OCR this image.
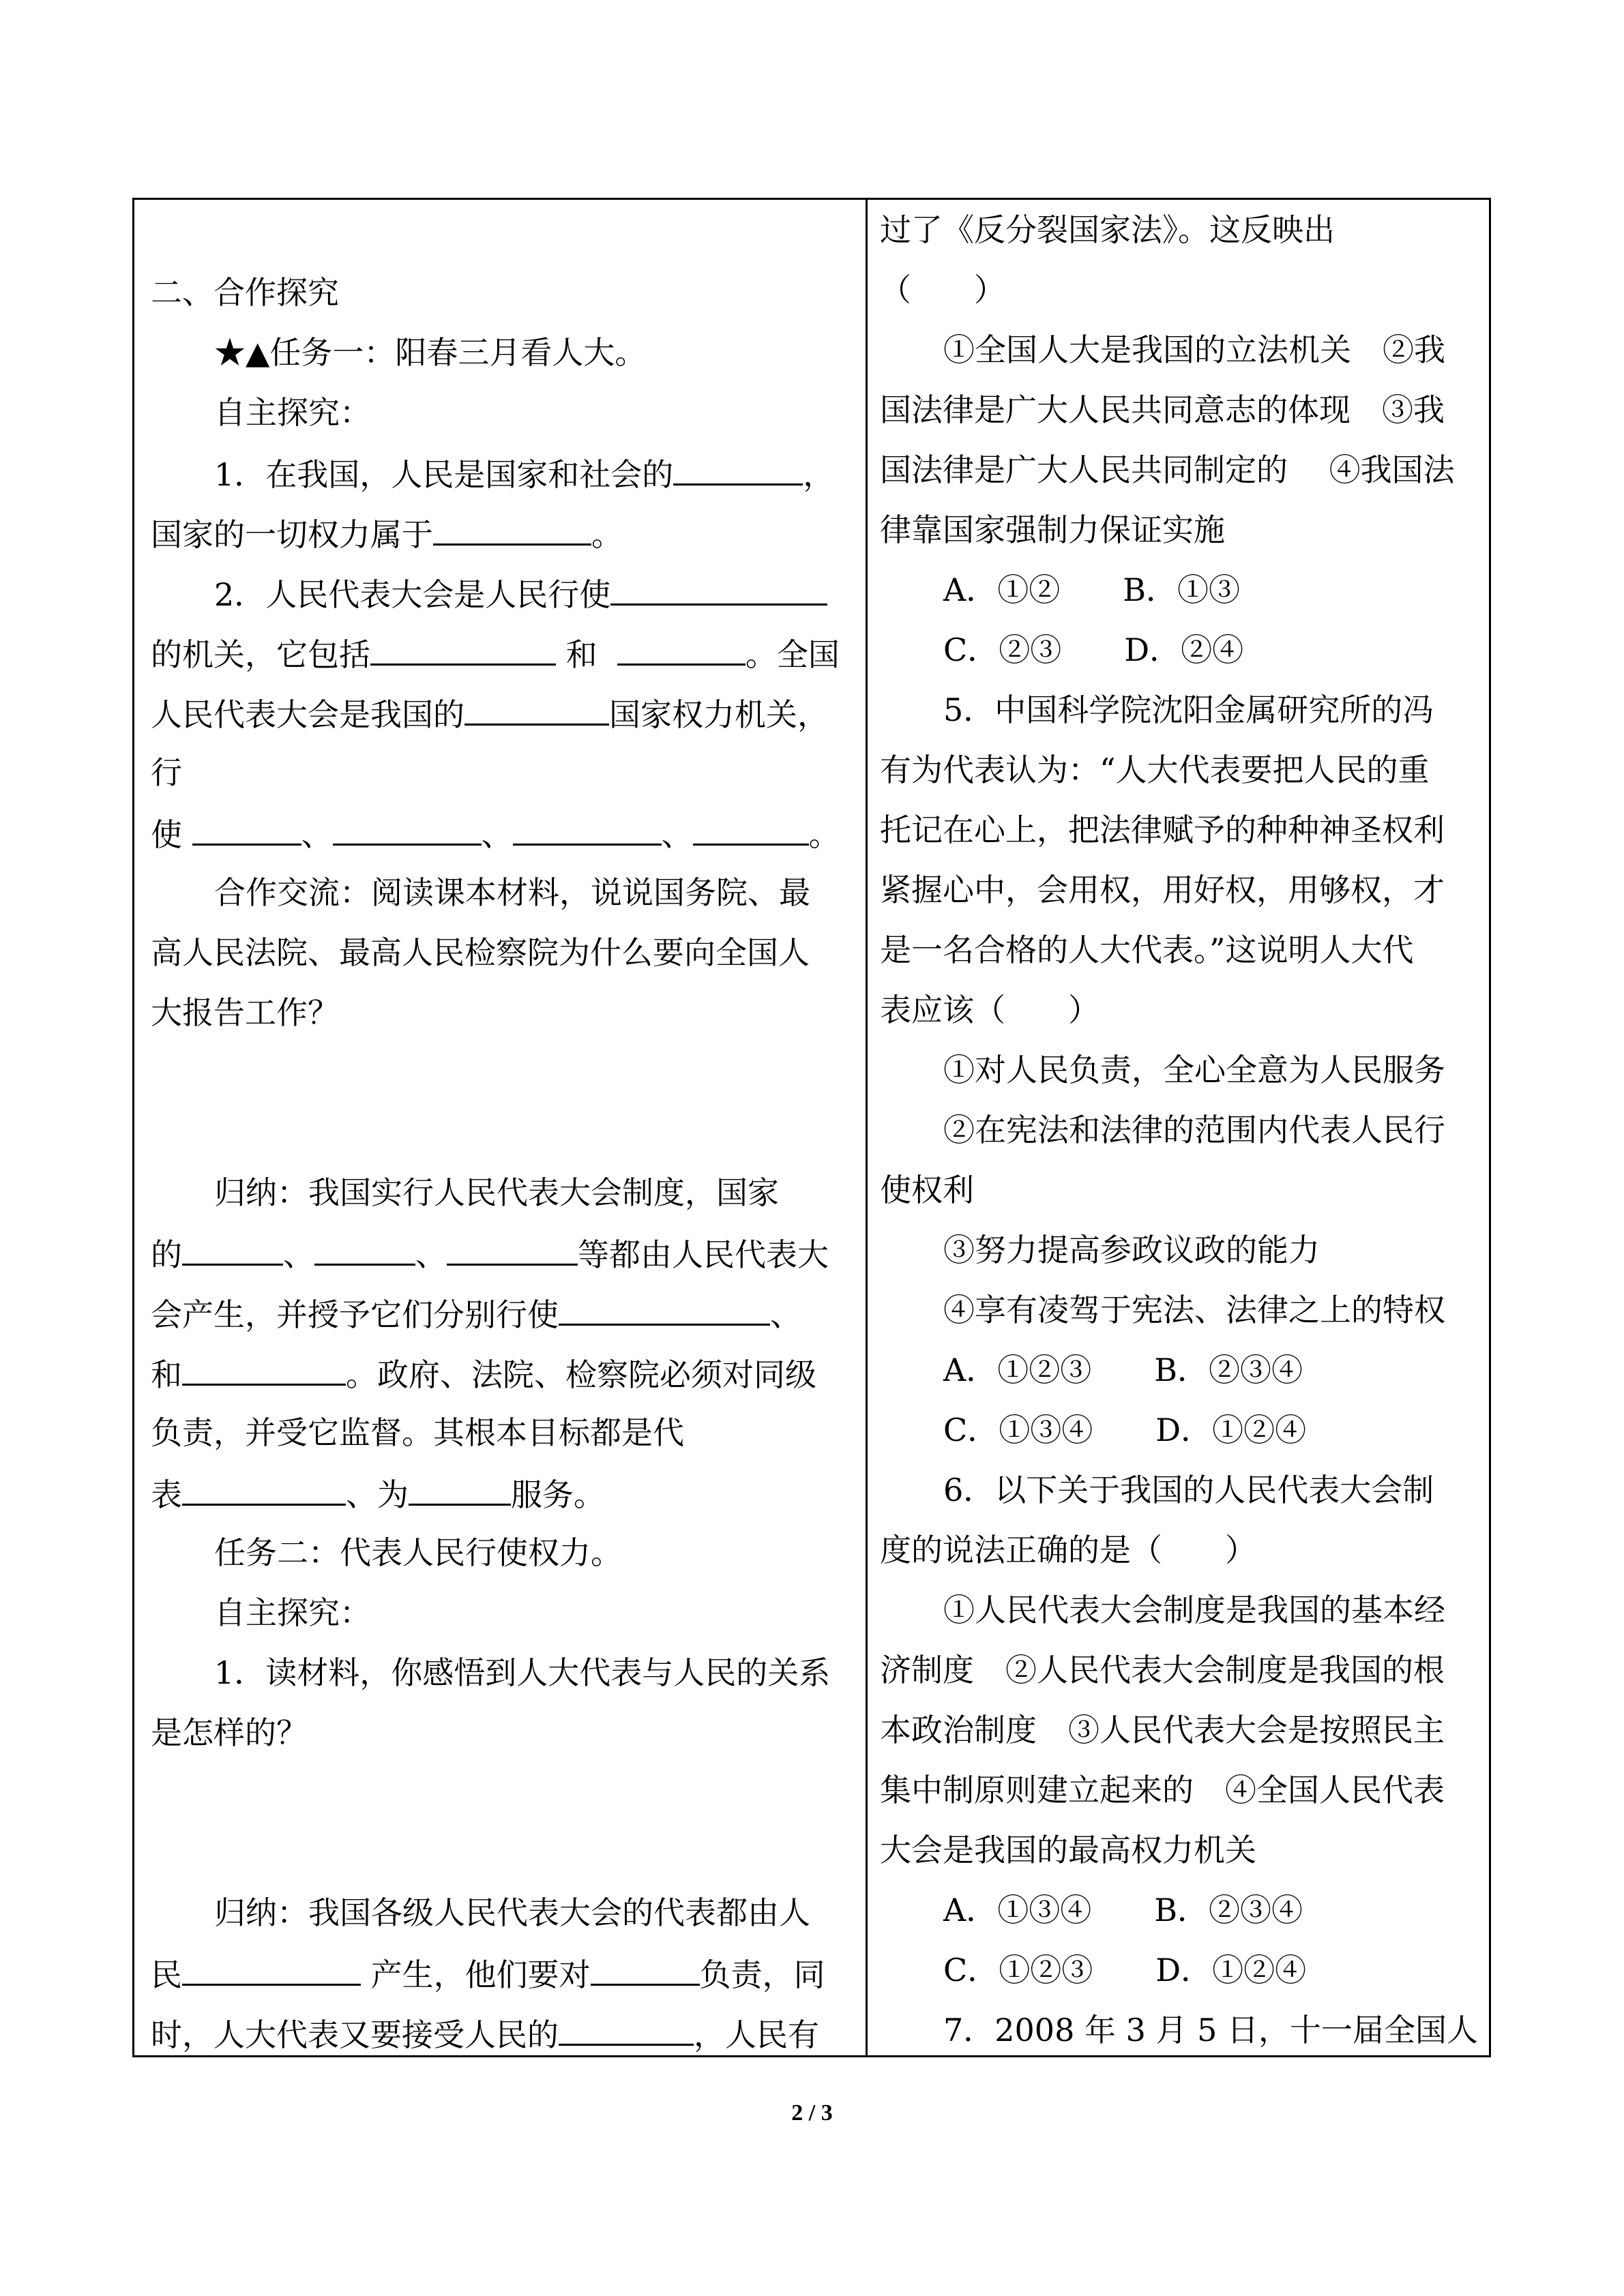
二、合作探究
★▲任务一：阳春三月看人大。
自主探究：
1．在我国，人民是国家和社会的	，
国家的一切权力属于	。
2．人民代表大会是人民行使
的机关，它包括	和	。全国
人民代表大会是我国的	国家权力机关，
行
使	、	、	、	。
合作交流：阅读课本材料，说说国务院、最
高人民法院、最高人民检察院为什么要向全国人
大报告工作？
归纳：我国实行人民代表大会制度，国家
的	、	、	等都由人民代表大
会产生，并授予它们分别行使	、
和	。政府、法院、检察院必须对同级
负责，并受它监督。其根本目标都是代
表	、为	服务。
任务二：代表人民行使权力。
自主探究：
1．读材料，你感悟到人大代表与人民的关系
是怎样的？
归纳：我国各级人民代表大会的代表都由人
民	产生，他们要对	负责，同
时，人大代表又要接受人民的	，人民有
过了《反分裂国家法》。这反映出
（　　）
①全国人大是我国的立法机关　②我
国法律是广大人民共同意志的体现　③我
国法律是广大人民共同制定的　 ④我国法
律靠国家强制力保证实施
A．①②　　B．①③
C．②③　　D．②④
5．中国科学院沈阳金属研究所的冯
有为代表认为：“人大代表要把人民的重
托记在心上，把法律赋予的种种神圣权利
紧握心中，会用权，用好权，用够权，才
是一名合格的人大代表。”这说明人大代
表应该（　　）
①对人民负责，全心全意为人民服务
②在宪法和法律的范围内代表人民行
使权利
③努力提高参政议政的能力
④享有凌驾于宪法、法律之上的特权
A．①②③　　B．②③④
C．①③④　　D．①②④
6．以下关于我国的人民代表大会制
度的说法正确的是（　　）
①人民代表大会制度是我国的基本经
济制度　②人民代表大会制度是我国的根
本政治制度　③人民代表大会是按照民主
集中制原则建立起来的　④全国人民代表
大会是我国的最高权力机关
A．①③④　　B．②③④
C．①②③　　D．①②④
7．2008 年 3 月 5 日，十一届全国人
2 / 3
